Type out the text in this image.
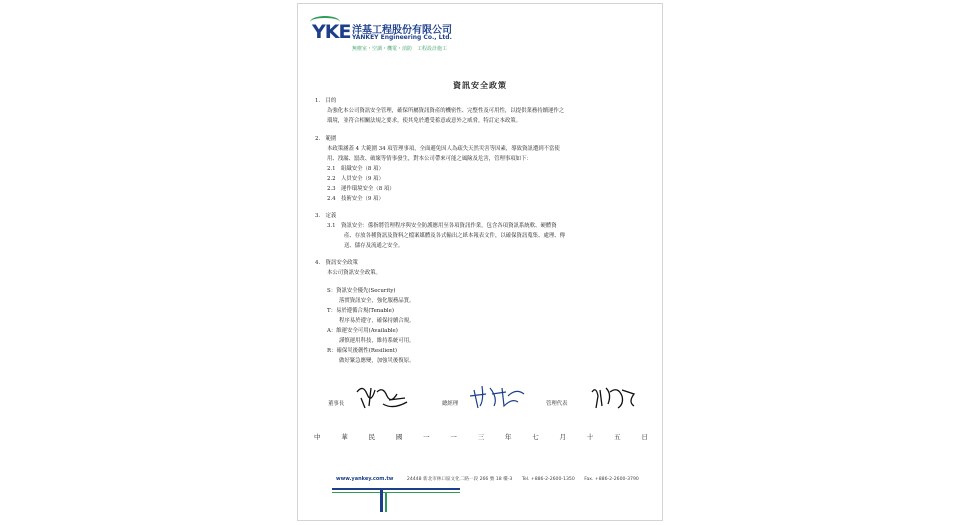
YKE 洋基工程股份有限公司
YANKEY Engineering Co., Ltd.
無塵室・空調・機電・消防　工程設計施工
資訊安全政策
1.　目的
為強化本公司資訊安全管理，確保所屬資訊資產的機密性、完整性及可用性，以提供業務持續運作之
環境，並符合相關法規之要求，使其免於遭受蓄意或意外之威脅，特訂定本政策。
2.　範圍
本政策涵蓋 4 大範圍 34 項管理事項，全面避免因人為疏失天然災害等因素，導致資訊遭到不當使
用、洩漏、竄改、破壞等情事發生，對本公司帶來可能之風險及危害，管理事項如下：
2.1　組織安全（8 項）
2.2　人員安全（9 項）
2.3　運作環境安全（8 項）
2.4　技術安全（9 項）
3.　定義
3.1　資訊安全：係指將管理程序與安全防護應用至各項資訊作業，包含各項資訊系統軟、硬體資
產、存放各種資訊及資料之檔案媒體及各式輸出之紙本報表文件，以確保資訊蒐集、處理、傳
送、儲存及流通之安全。
4.　資訊安全政策
本公司資訊安全政策。
S：資訊安全優先(Security)
落實資訊安全，強化服務品質。
T：易於遵循合規(Tenable)
程序易於遵守，確保持續合規。
A：維運安全可用(Available)
謹慎運用科技，維持系統可用。
R：確保災後韌性(Resilient)
做好緊急應變，加強災後復原。
董事長	總經理	管理代表
中	華	民	國	一	一	三	年	七	月	十	五	日
www.yankey.com.tw	24448 新北市林口區文化二路一段 266 號 18 樓-3 Tel. +886-2-2600-1350 Fax. +886-2-2600-3790
